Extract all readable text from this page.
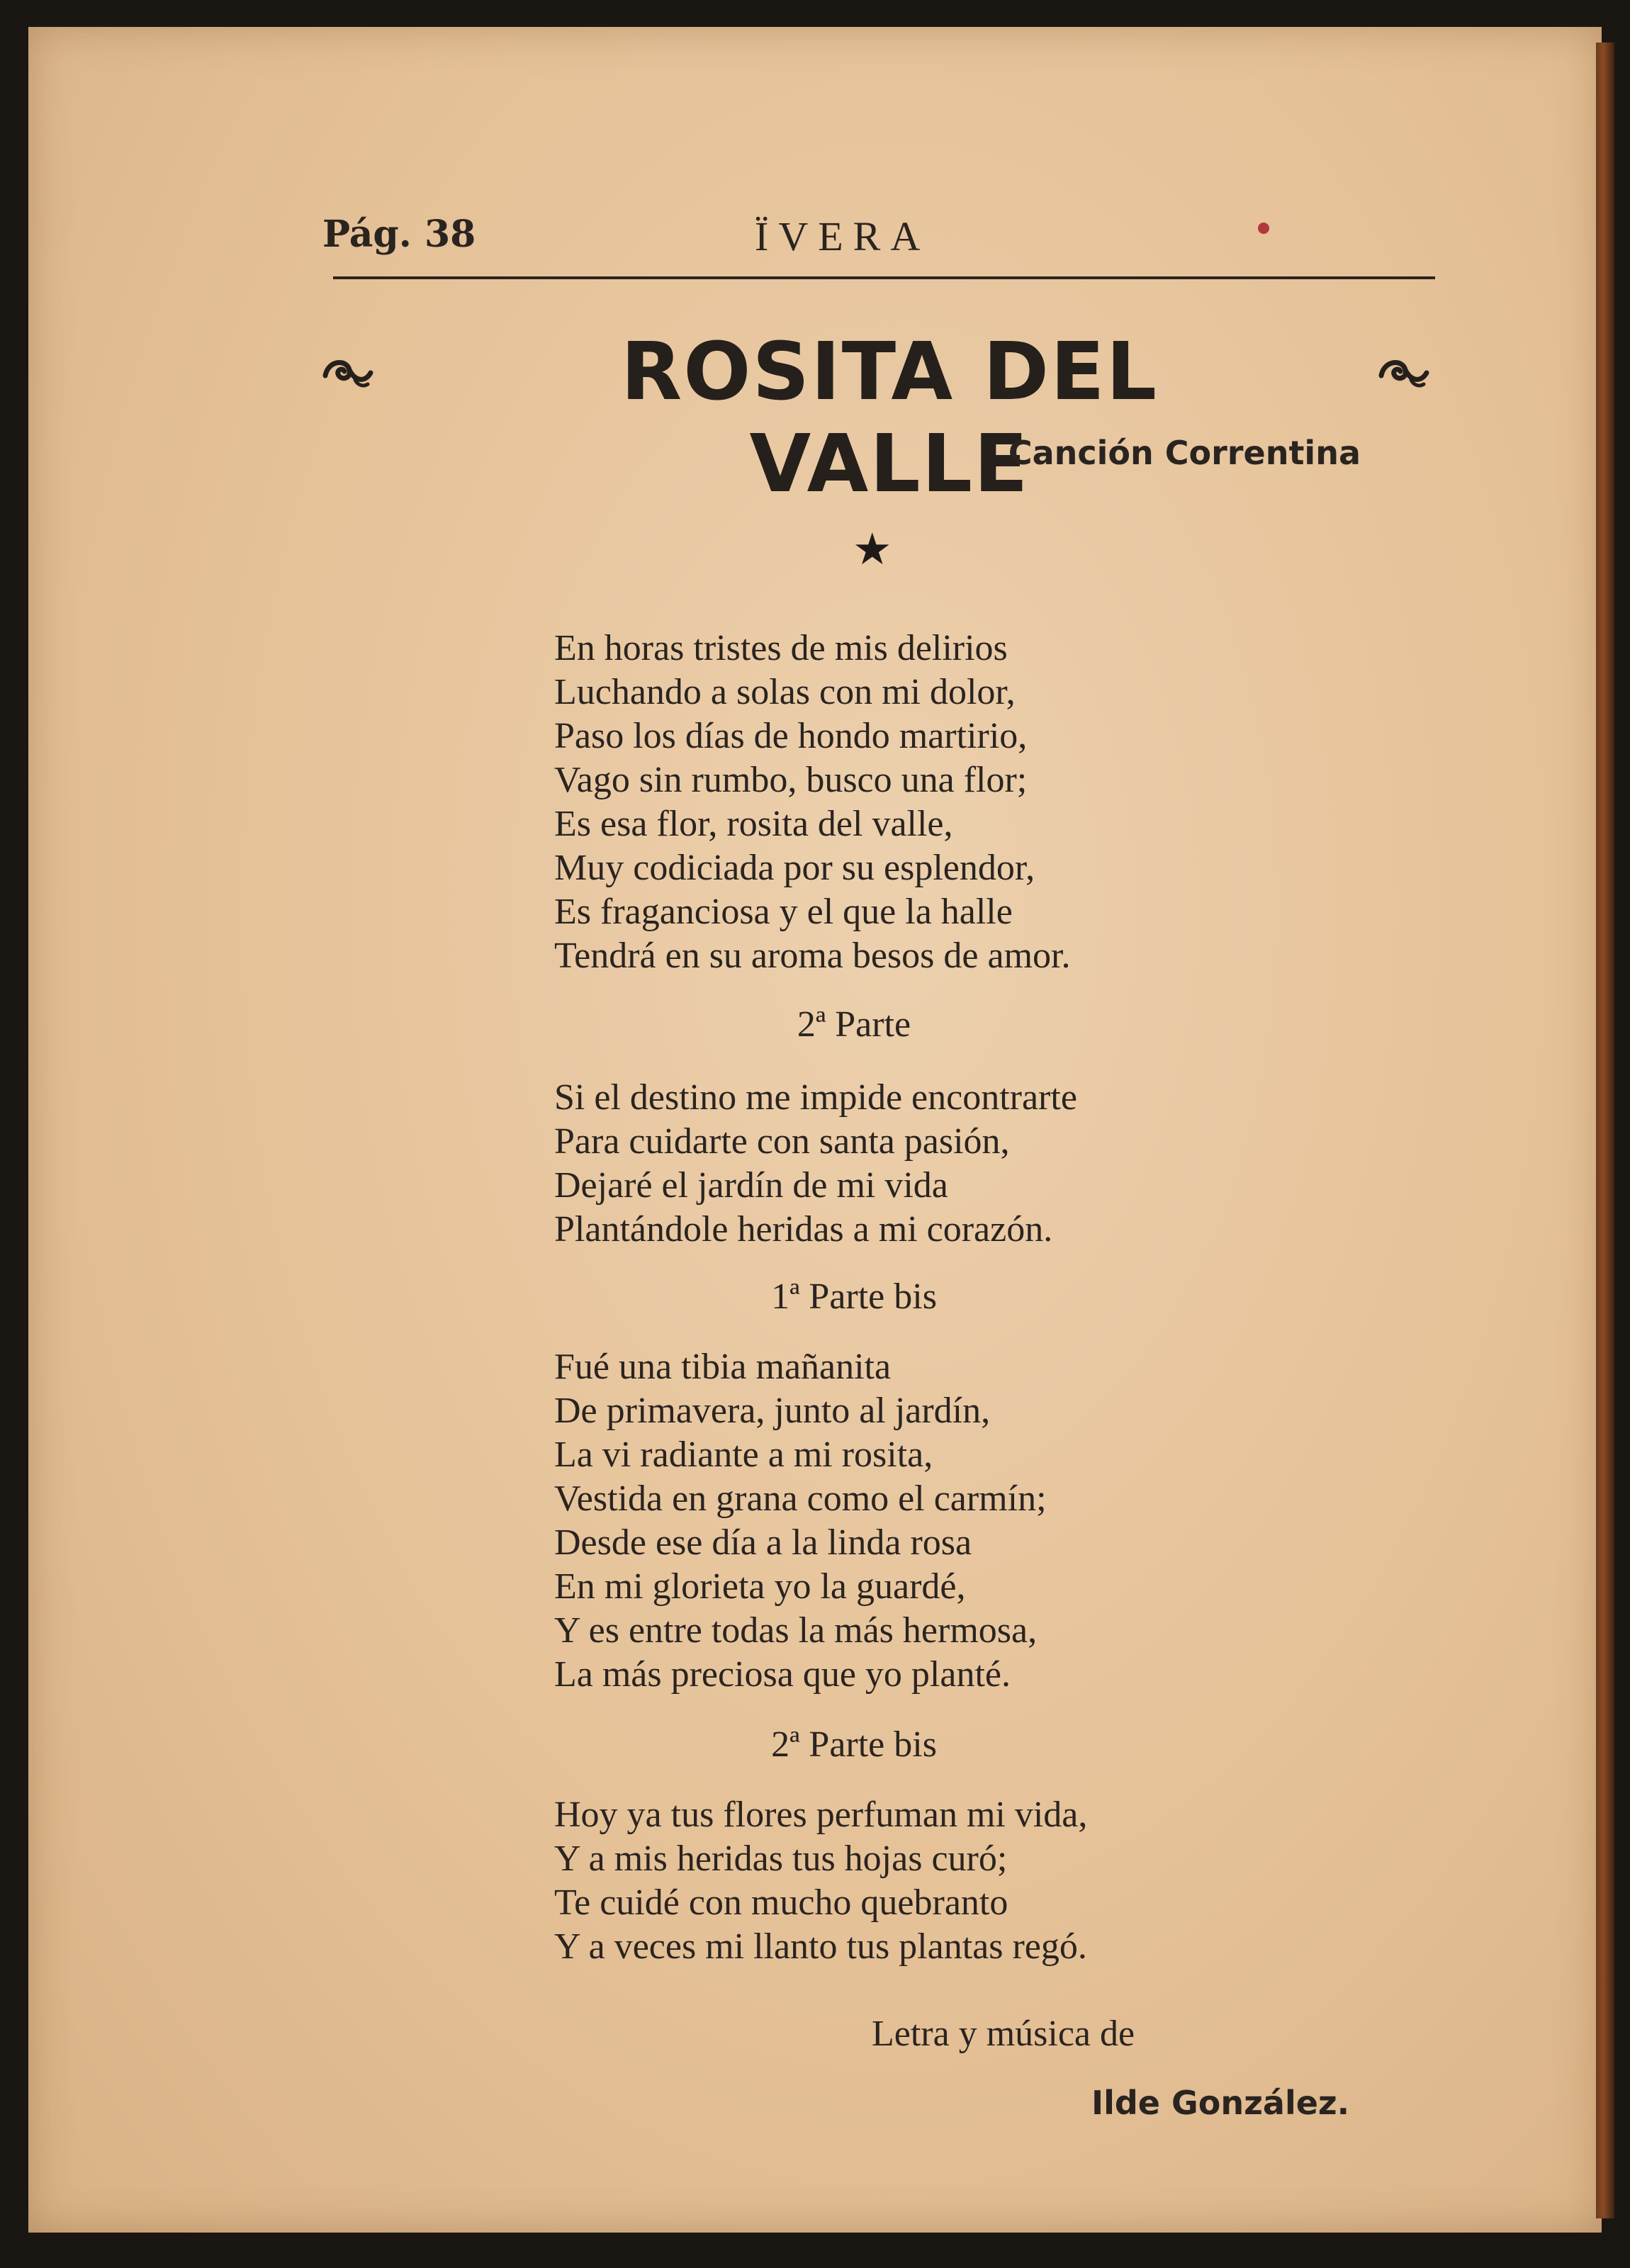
Pág. 38	ÏVERA
ROSITA DEL VALLE
Canción Correntina
★
En horas tristes de mis delirios
Luchando a solas con mi dolor,
Paso los días de hondo martirio,
Vago sin rumbo, busco una flor;
Es esa flor, rosita del valle,
Muy codiciada por su esplendor,
Es fraganciosa y el que la halle
Tendrá en su aroma besos de amor.
2ª Parte
Si el destino me impide encontrarte
Para cuidarte con santa pasión,
Dejaré el jardín de mi vida
Plantándole heridas a mi corazón.
1ª Parte bis
Fué una tibia mañanita
De primavera, junto al jardín,
La vi radiante a mi rosita,
Vestida en grana como el carmín;
Desde ese día a la linda rosa
En mi glorieta yo la guardé,
Y es entre todas la más hermosa,
La más preciosa que yo planté.
2ª Parte bis
Hoy ya tus flores perfuman mi vida,
Y a mis heridas tus hojas curó;
Te cuidé con mucho quebranto
Y a veces mi llanto tus plantas regó.
Letra y música de
Ilde González.
